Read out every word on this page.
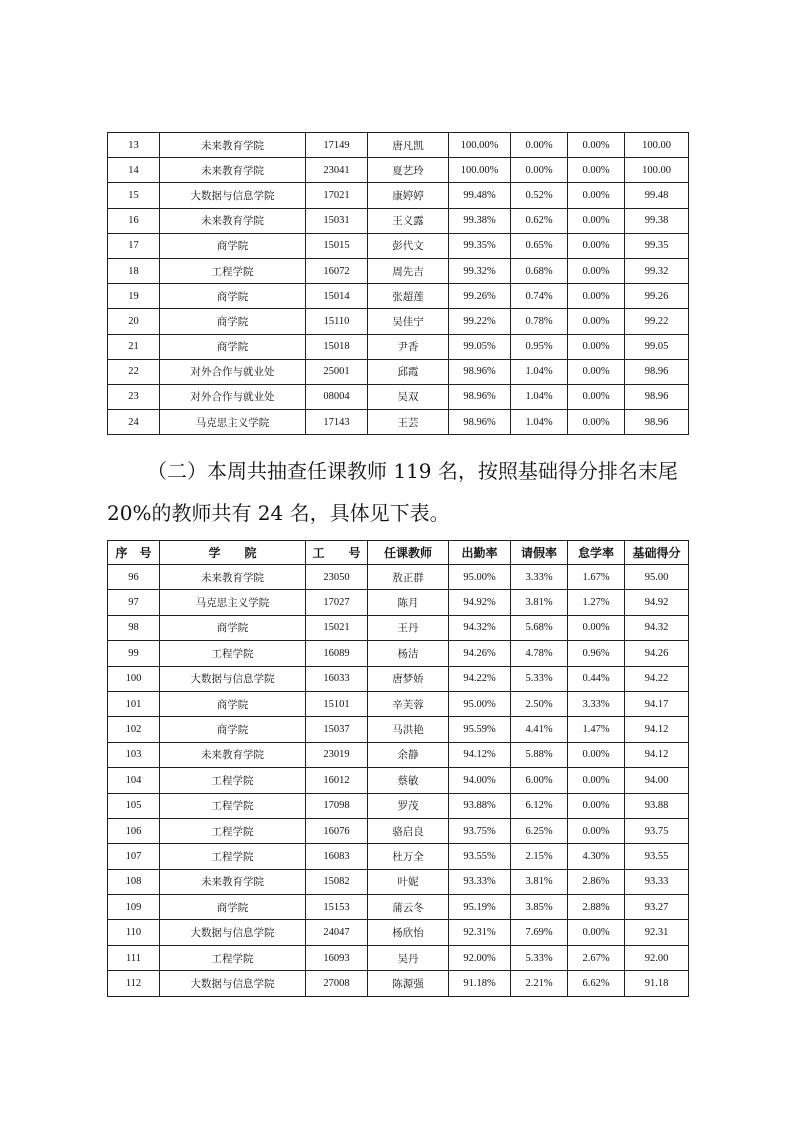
13	未来教育学院	17149	唐凡凯	100.00%	0.00%	0.00%	100.00
14	未来教育学院	23041	夏艺玲	100.00%	0.00%	0.00%	100.00
15	大数据与信息学院	17021	康婷婷	99.48%	0.52%	0.00%	99.48
16	未来教育学院	15031	王义露	99.38%	0.62%	0.00%	99.38
17	商学院	15015	彭代文	99.35%	0.65%	0.00%	99.35
18	工程学院	16072	周先吉	99.32%	0.68%	0.00%	99.32
19	商学院	15014	张超莲	99.26%	0.74%	0.00%	99.26
20	商学院	15110	吴佳宁	99.22%	0.78%	0.00%	99.22
21	商学院	15018	尹香	99.05%	0.95%	0.00%	99.05
22	对外合作与就业处	25001	邱霞	98.96%	1.04%	0.00%	98.96
23	对外合作与就业处	08004	吴双	98.96%	1.04%	0.00%	98.96
24	马克思主义学院	17143	王芸	98.96%	1.04%	0.00%	98.96

（二）本周共抽查任课教师 119 名，按照基础得分排名末尾 20%的教师共有 24 名，具体见下表。

序　号	学　　院	工　　号	任课教师	出勤率	请假率	怠学率	基础得分
96	未来教育学院	23050	敖正群	95.00%	3.33%	1.67%	95.00
97	马克思主义学院	17027	陈月	94.92%	3.81%	1.27%	94.92
98	商学院	15021	王丹	94.32%	5.68%	0.00%	94.32
99	工程学院	16089	杨洁	94.26%	4.78%	0.96%	94.26
100	大数据与信息学院	16033	唐梦娇	94.22%	5.33%	0.44%	94.22
101	商学院	15101	辛芙蓉	95.00%	2.50%	3.33%	94.17
102	商学院	15037	马洪艳	95.59%	4.41%	1.47%	94.12
103	未来教育学院	23019	余静	94.12%	5.88%	0.00%	94.12
104	工程学院	16012	蔡敏	94.00%	6.00%	0.00%	94.00
105	工程学院	17098	罗茂	93.88%	6.12%	0.00%	93.88
106	工程学院	16076	骆启良	93.75%	6.25%	0.00%	93.75
107	工程学院	16083	杜万全	93.55%	2.15%	4.30%	93.55
108	未来教育学院	15082	叶妮	93.33%	3.81%	2.86%	93.33
109	商学院	15153	蒲云冬	95.19%	3.85%	2.88%	93.27
110	大数据与信息学院	24047	杨欣怡	92.31%	7.69%	0.00%	92.31
111	工程学院	16093	吴丹	92.00%	5.33%	2.67%	92.00
112	大数据与信息学院	27008	陈源强	91.18%	2.21%	6.62%	91.18
